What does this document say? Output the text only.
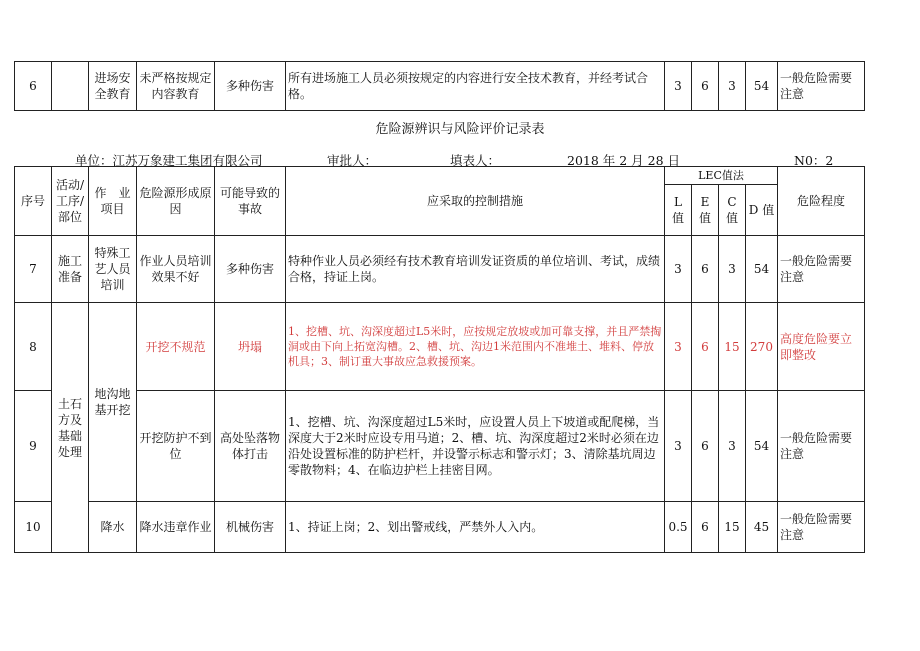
6		进场安全教育	未严格按规定内容教育	多种伤害	所有进场施工人员必须按规定的内容进行安全技术教育，并经考试合格。	3	6	3	54	一般危险需要注意
危险源辨识与风险评价记录表
单位：江苏万象建工集团有限公司	审批人：	填表人：	2018 年 2 月 28 日	N0：2
序号	活动/工序/部位	作　业项目	危险源形成原因	可能导致的事故	应采取的控制措施	LEC值法				危险程度
						L 值	E 值	C 值	D 值	
7	施工准备	特殊工艺人员培训	作业人员培训效果不好	多种伤害	特种作业人员必须经有技术教育培训发证资质的单位培训、考试，成绩合格，持证上岗。	3	6	3	54	一般危险需要注意
8	土石方及基础处理	地沟地基开挖	开挖不规范	坍塌	1、挖槽、坑、沟深度超过L5米时，应按规定放坡或加可靠支撑，并且严禁掏洞或由下向上拓宽沟槽。2、槽、坑、沟边1米范围内不准堆土、堆料、停放机具；3、制订重大事故应急救援预案。	3	6	15	270	高度危险要立即整改
9			开挖防护不到位	高处坠落物体打击	1、挖槽、坑、沟深度超过L5米时，应设置人员上下坡道或配爬梯，当深度大于2米时应设专用马道；2、槽、坑、沟深度超过2米时必须在边沿处设置标准的防护栏杆，并设警示标志和警示灯；3、清除基坑周边零散物料；4、在临边护栏上挂密目网。	3	6	3	54	一般危险需要注意
10		降水	降水违章作业	机械伤害	1、持证上岗；2、划出警戒线，严禁外人入内。	0.5	6	15	45	一般危险需要注意
